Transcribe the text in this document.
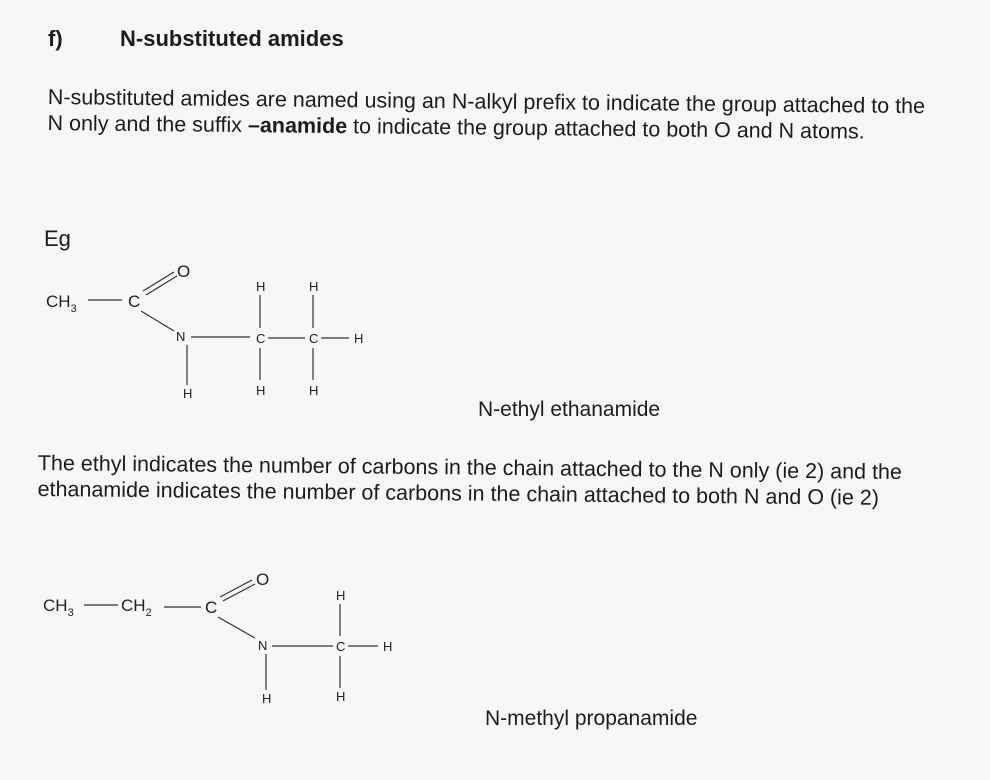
f)	N-substituted amides
N-substituted amides are named using an N-alkyl prefix to indicate the group attached to the N only and the suffix –anamide to indicate the group attached to both O and N atoms.
Eg
$CH_3$	C
O
N
H
C	C	H
H
H
H
H
N-ethyl ethanamide
The ethyl indicates the number of carbons in the chain attached to the N only (ie 2) and the ethanamide indicates the number of carbons in the chain attached to both N and O (ie 2)
$CH_3$	$CH_2$	C
O
N
H
C	H
H
H
N-methyl propanamide
